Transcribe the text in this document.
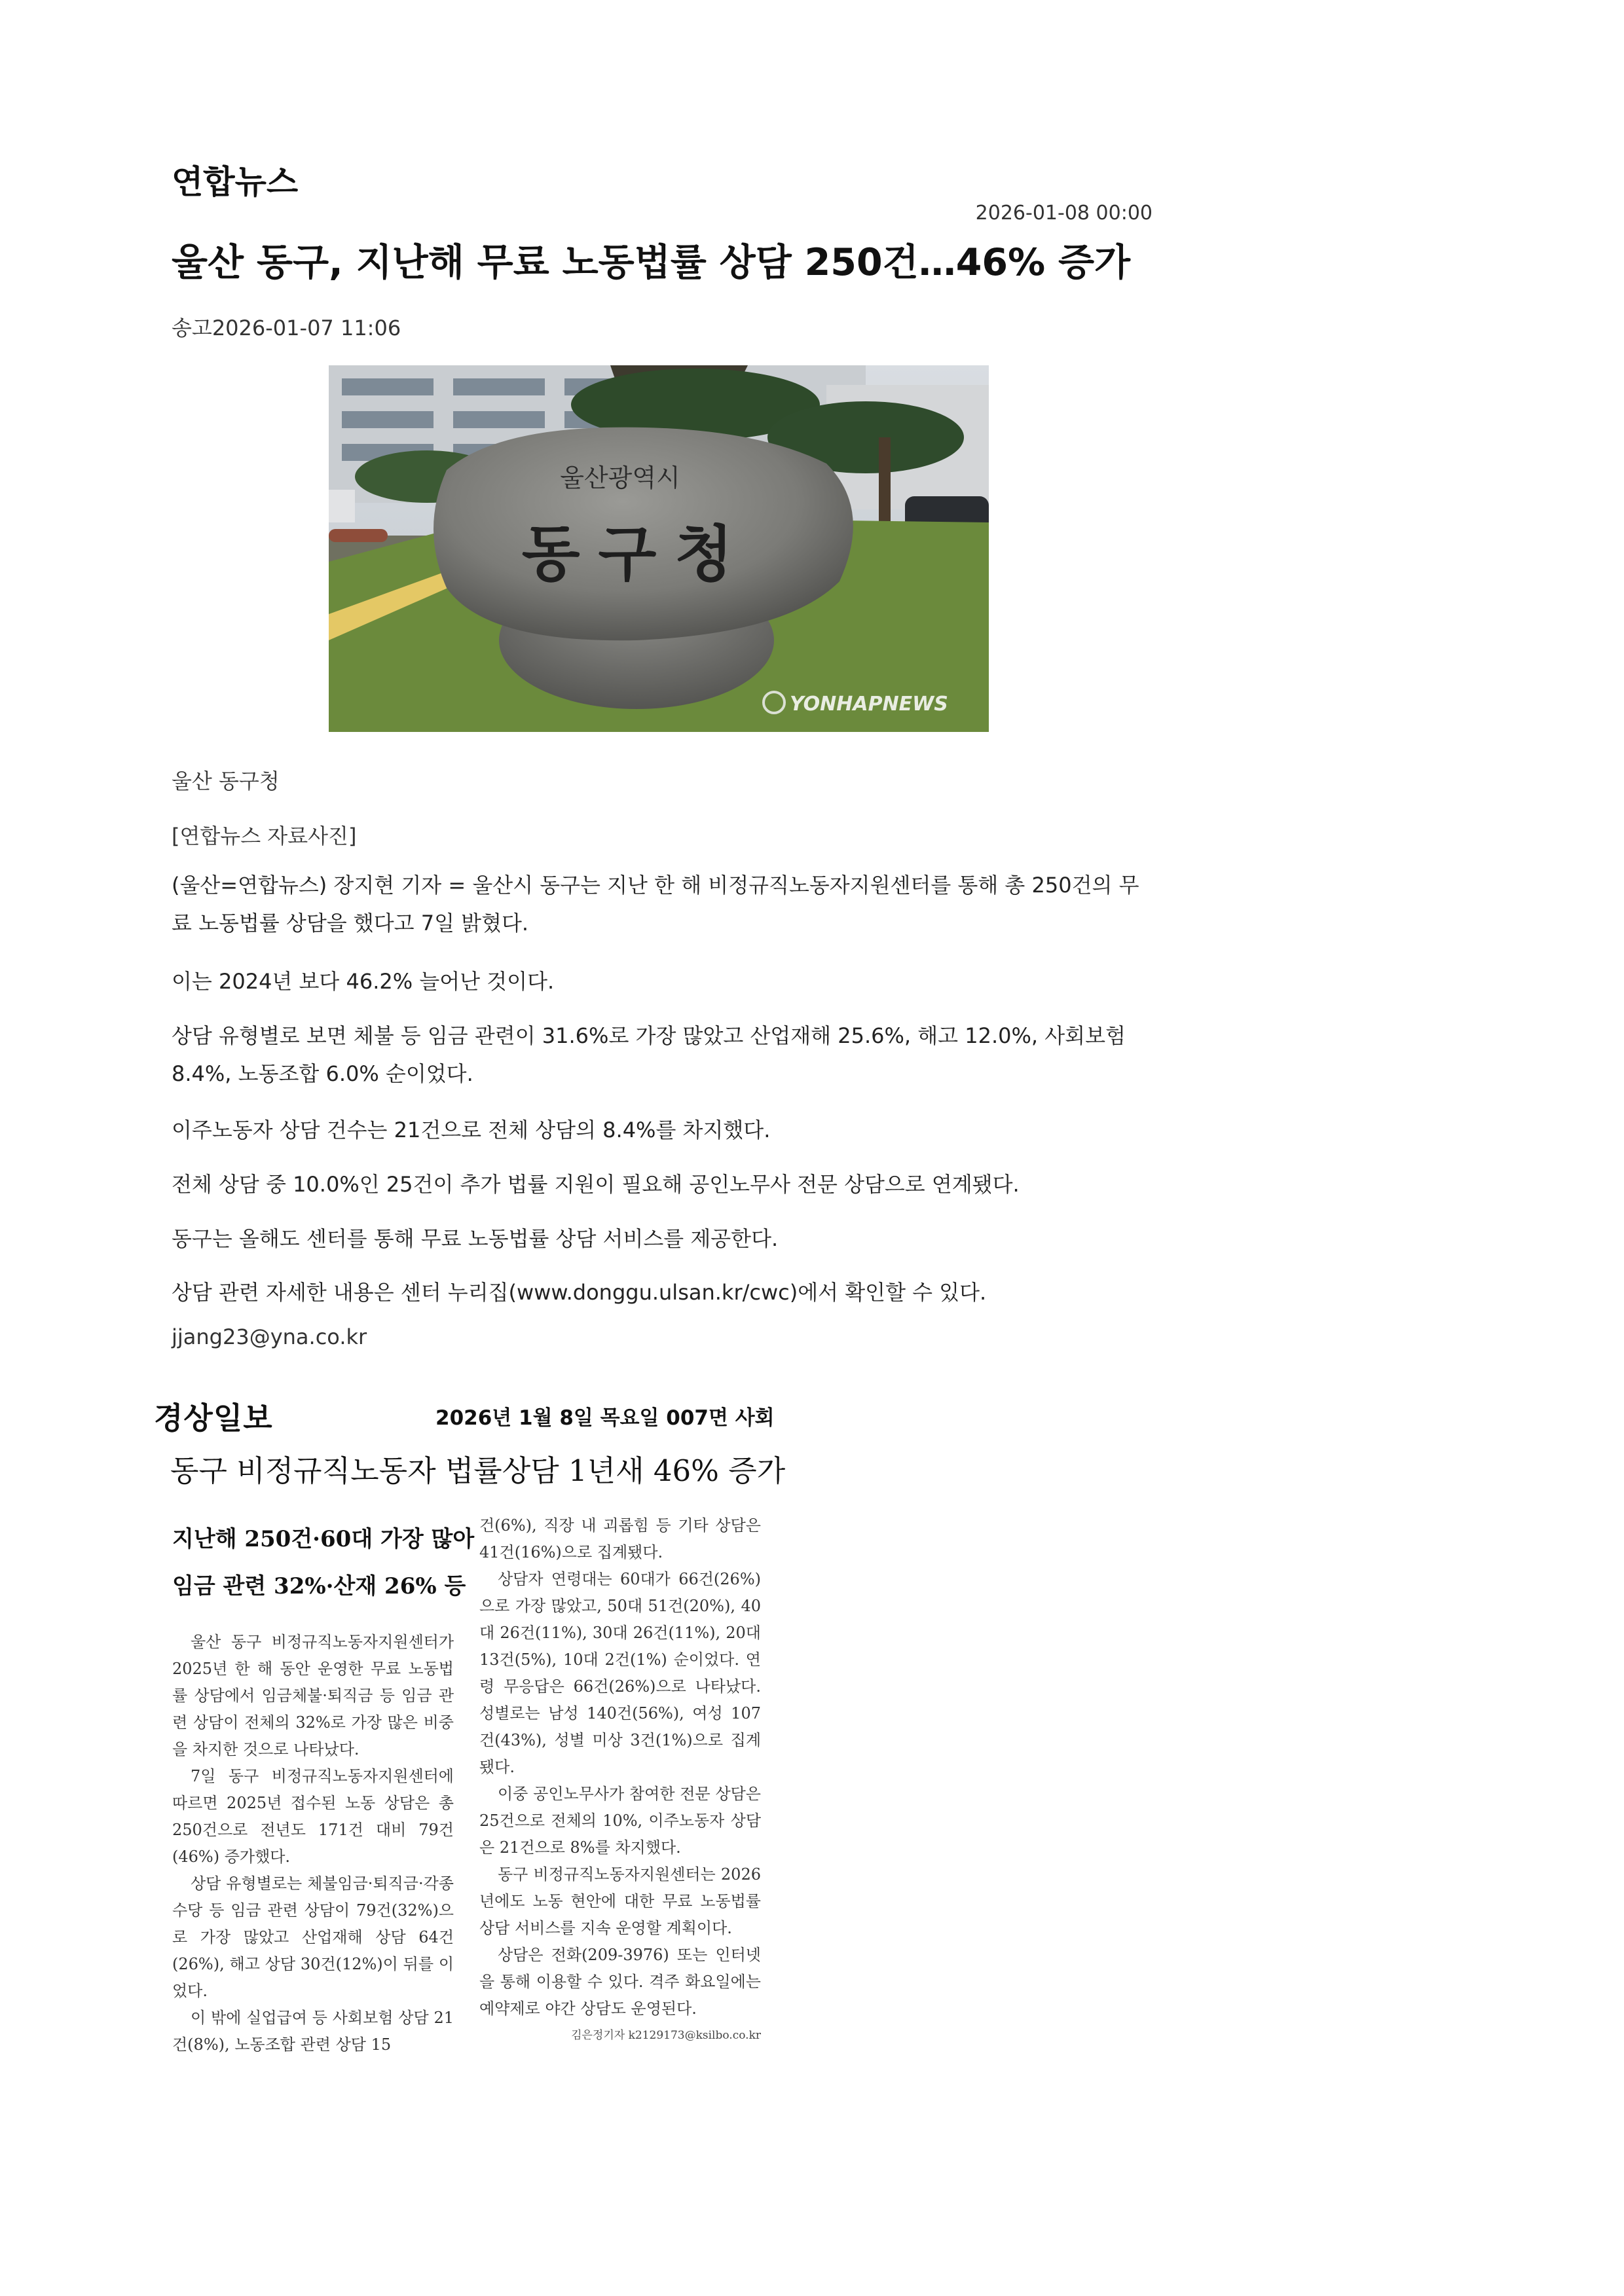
연합뉴스
2026-01-08 00:00
울산 동구, 지난해 무료 노동법률 상담 250건…46% 증가
송고2026-01-07 11:06
울산광역시
동구청
YONHAPNEWS
울산 동구청
[연합뉴스 자료사진]

(울산=연합뉴스) 장지현 기자 = 울산시 동구는 지난 한 해 비정규직노동자지원센터를 통해 총 250건의 무료 노동법률 상담을 했다고 7일 밝혔다.

이는 2024년 보다 46.2% 늘어난 것이다.

상담 유형별로 보면 체불 등 임금 관련이 31.6%로 가장 많았고 산업재해 25.6%, 해고 12.0%, 사회보험 8.4%, 노동조합 6.0% 순이었다.

이주노동자 상담 건수는 21건으로 전체 상담의 8.4%를 차지했다.

전체 상담 중 10.0%인 25건이 추가 법률 지원이 필요해 공인노무사 전문 상담으로 연계됐다.

동구는 올해도 센터를 통해 무료 노동법률 상담 서비스를 제공한다.

상담 관련 자세한 내용은 센터 누리집(www.donggu.ulsan.kr/cwc)에서 확인할 수 있다.

jjang23@yna.co.kr
경상일보	2026년 1월 8일 목요일 007면 사회
동구 비정규직노동자 법률상담 1년새 46% 증가
지난해 250건·60대 가장 많아
임금 관련 32%·산재 26% 등

울산 동구 비정규직노동자지원센터가 2025년 한 해 동안 운영한 무료 노동법률 상담에서 임금체불·퇴직금 등 임금 관련 상담이 전체의 32%로 가장 많은 비중을 차지한 것으로 나타났다.

7일 동구 비정규직노동자지원센터에 따르면 2025년 접수된 노동 상담은 총 250건으로 전년도 171건 대비 79건(46%) 증가했다.

상담 유형별로는 체불임금·퇴직금·각종 수당 등 임금 관련 상담이 79건(32%)으로 가장 많았고 산업재해 상담 64건(26%), 해고 상담 30건(12%)이 뒤를 이었다.

이 밖에 실업급여 등 사회보험 상담 21건(8%), 노동조합 관련 상담 15

건(6%), 직장 내 괴롭힘 등 기타 상담은 41건(16%)으로 집계됐다.

상담자 연령대는 60대가 66건(26%)으로 가장 많았고, 50대 51건(20%), 40대 26건(11%), 30대 26건(11%), 20대 13건(5%), 10대 2건(1%) 순이었다. 연령 무응답은 66건(26%)으로 나타났다. 성별로는 남성 140건(56%), 여성 107건(43%), 성별 미상 3건(1%)으로 집계됐다.

이중 공인노무사가 참여한 전문 상담은 25건으로 전체의 10%, 이주노동자 상담은 21건으로 8%를 차지했다.

동구 비정규직노동자지원센터는 2026년에도 노동 현안에 대한 무료 노동법률 상담 서비스를 지속 운영할 계획이다.

상담은 전화(209-3976) 또는 인터넷을 통해 이용할 수 있다. 격주 화요일에는 예약제로 야간 상담도 운영된다.
김은정기자 k2129173@ksilbo.co.kr
